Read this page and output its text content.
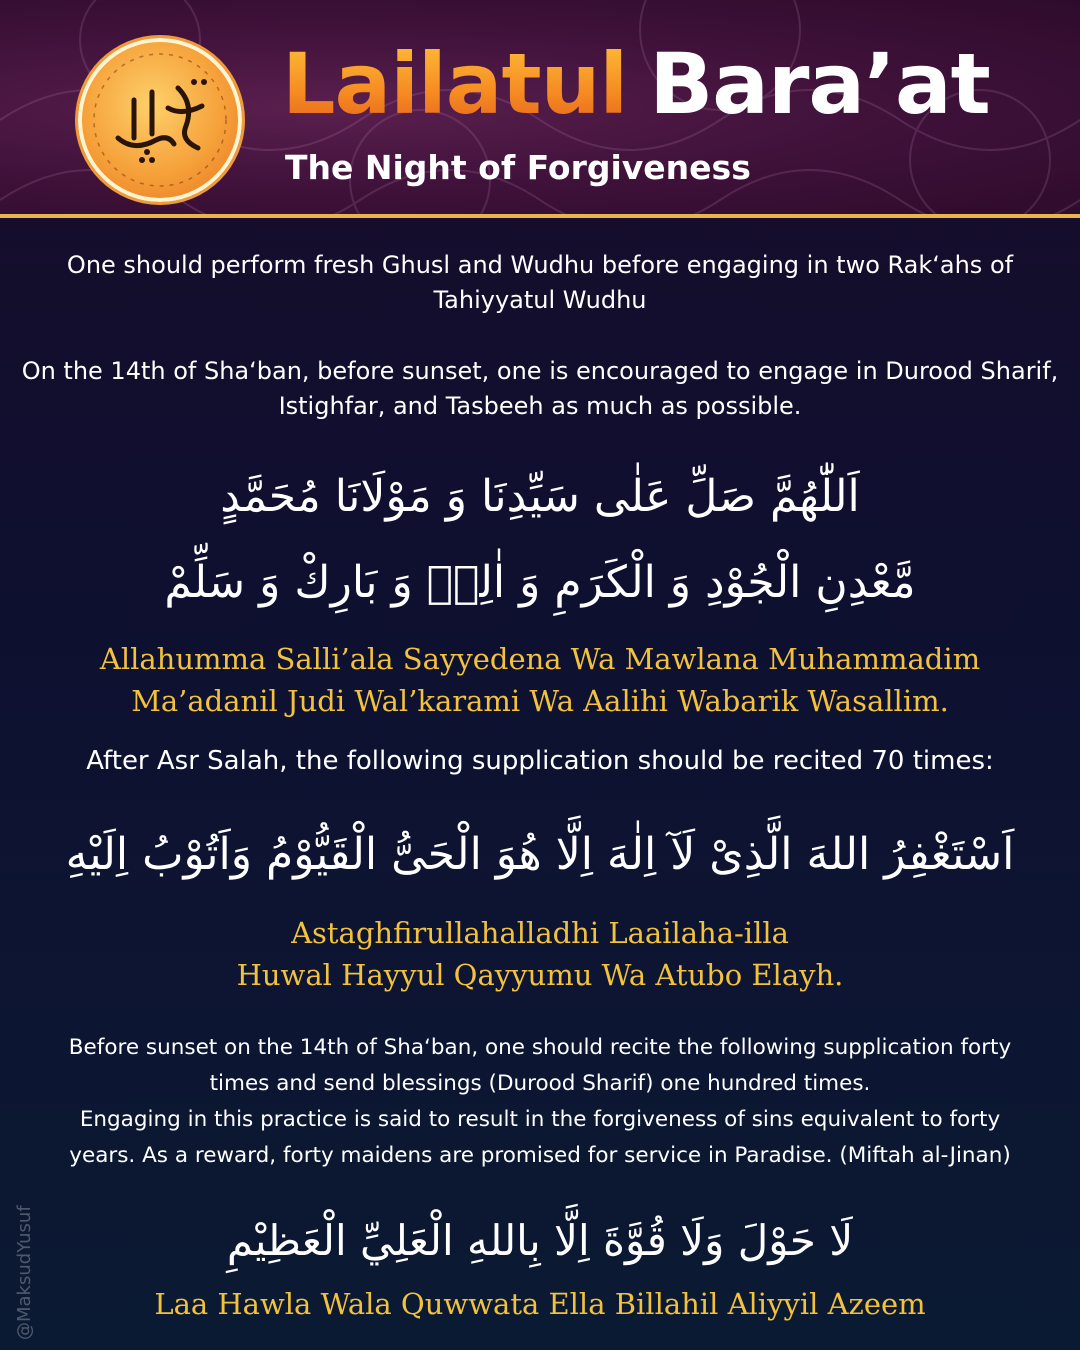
Lailatul Bara’at
The Night of Forgiveness
One should perform fresh Ghusl and Wudhu before engaging in two Rak‘ahs of Tahiyyatul Wudhu
On the 14th of Sha‘ban, before sunset, one is encouraged to engage in Durood Sharif, Istighfar, and Tasbeeh as much as possible.
اَللّٰهُمَّ صَلِّ عَلٰى سَيِّدِنَا وَ مَوْلَانَا مُحَمَّدٍ
مَّعْدِنِ الْجُوْدِ وَ الْكَرَمِ وَ اٰلِهٖ وَ بَارِكْ وَ سَلِّمْ
Allahumma Salli’ala Sayyedena Wa Mawlana Muhammadim
Ma’adanil Judi Wal’karami Wa Aalihi Wabarik Wasallim.
After Asr Salah, the following supplication should be recited 70 times:
اَسْتَغْفِرُ اللهَ الَّذِىْ لَآ اِلٰهَ اِلَّا هُوَ الْحَىُّ الْقَيُّوْمُ وَاَتُوْبُ اِلَيْهِ
Astaghfirullahalladhi Laailaha-illa
Huwal Hayyul Qayyumu Wa Atubo Elayh.
Before sunset on the 14th of Sha‘ban, one should recite the following supplication forty
times and send blessings (Durood Sharif) one hundred times.
Engaging in this practice is said to result in the forgiveness of sins equivalent to forty
years. As a reward, forty maidens are promised for service in Paradise. (Miftah al-Jinan)
لَا حَوْلَ وَلَا قُوَّةَ اِلَّا بِاللهِ الْعَلِيِّ الْعَظِيْمِ
Laa Hawla Wala Quwwata Ella Billahil Aliyyil Azeem
@MaksudYusuf
